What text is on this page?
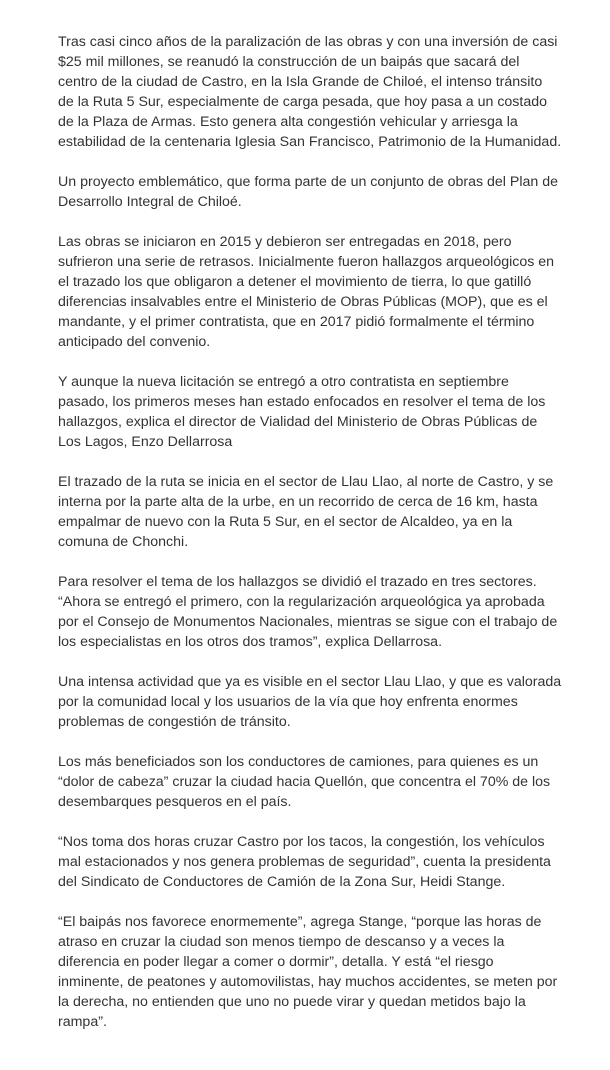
Tras casi cinco años de la paralización de las obras y con una inversión de casi
$25 mil millones, se reanudó la construcción de un baipás que sacará del
centro de la ciudad de Castro, en la Isla Grande de Chiloé, el intenso tránsito
de la Ruta 5 Sur, especialmente de carga pesada, que hoy pasa a un costado
de la Plaza de Armas. Esto genera alta congestión vehicular y arriesga la
estabilidad de la centenaria Iglesia San Francisco, Patrimonio de la Humanidad.

Un proyecto emblemático, que forma parte de un conjunto de obras del Plan de
Desarrollo Integral de Chiloé.

Las obras se iniciaron en 2015 y debieron ser entregadas en 2018, pero
sufrieron una serie de retrasos. Inicialmente fueron hallazgos arqueológicos en
el trazado los que obligaron a detener el movimiento de tierra, lo que gatilló
diferencias insalvables entre el Ministerio de Obras Públicas (MOP), que es el
mandante, y el primer contratista, que en 2017 pidió formalmente el término
anticipado del convenio.

Y aunque la nueva licitación se entregó a otro contratista en septiembre
pasado, los primeros meses han estado enfocados en resolver el tema de los
hallazgos, explica el director de Vialidad del Ministerio de Obras Públicas de
Los Lagos, Enzo Dellarrosa

El trazado de la ruta se inicia en el sector de Llau Llao, al norte de Castro, y se
interna por la parte alta de la urbe, en un recorrido de cerca de 16 km, hasta
empalmar de nuevo con la Ruta 5 Sur, en el sector de Alcaldeo, ya en la
comuna de Chonchi.

Para resolver el tema de los hallazgos se dividió el trazado en tres sectores.
“Ahora se entregó el primero, con la regularización arqueológica ya aprobada
por el Consejo de Monumentos Nacionales, mientras se sigue con el trabajo de
los especialistas en los otros dos tramos”, explica Dellarrosa.

Una intensa actividad que ya es visible en el sector Llau Llao, y que es valorada
por la comunidad local y los usuarios de la vía que hoy enfrenta enormes
problemas de congestión de tránsito.

Los más beneficiados son los conductores de camiones, para quienes es un
“dolor de cabeza” cruzar la ciudad hacia Quellón, que concentra el 70% de los
desembarques pesqueros en el país.

“Nos toma dos horas cruzar Castro por los tacos, la congestión, los vehículos
mal estacionados y nos genera problemas de seguridad”, cuenta la presidenta
del Sindicato de Conductores de Camión de la Zona Sur, Heidi Stange.

“El baipás nos favorece enormemente”, agrega Stange, “porque las horas de
atraso en cruzar la ciudad son menos tiempo de descanso y a veces la
diferencia en poder llegar a comer o dormir”, detalla. Y está “el riesgo
inminente, de peatones y automovilistas, hay muchos accidentes, se meten por
la derecha, no entienden que uno no puede virar y quedan metidos bajo la
rampa”.
